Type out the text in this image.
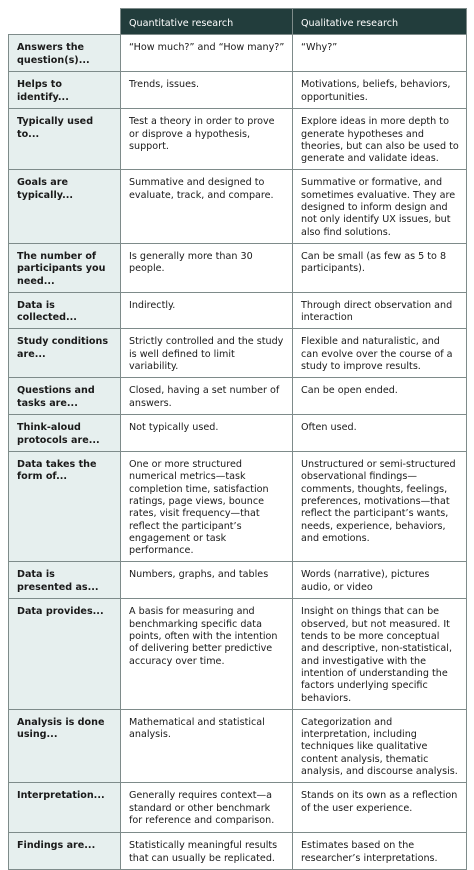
	Quantitative research	Qualitative research
Answers the question(s)...	“How much?” and “How many?”	“Why?”
Helps to identify...	Trends, issues.	Motivations, beliefs, behaviors, opportunities.
Typically used to...	Test a theory in order to prove or disprove a hypothesis, support.	Explore ideas in more depth to generate hypotheses and theories, but can also be used to generate and validate ideas.
Goals are typically...	Summative and designed to evaluate, track, and compare.	Summative or formative, and sometimes evaluative. They are designed to inform design and not only identify UX issues, but also find solutions.
The number of participants you need...	Is generally more than 30 people.	Can be small (as few as 5 to 8 participants).
Data is collected...	Indirectly.	Through direct observation and interaction
Study conditions are...	Strictly controlled and the study is well defined to limit variability.	Flexible and naturalistic, and can evolve over the course of a study to improve results.
Questions and tasks are...	Closed, having a set number of answers.	Can be open ended.
Think-aloud protocols are...	Not typically used.	Often used.
Data takes the form of...	One or more structured numerical metrics—task completion time, satisfaction ratings, page views, bounce rates, visit frequency—that reflect the participant’s engagement or task performance.	Unstructured or semi-structured observational findings—comments, thoughts, feelings, preferences, motivations—that reflect the participant’s wants, needs, experience, behaviors, and emotions.
Data is presented as...	Numbers, graphs, and tables	Words (narrative), pictures audio, or video
Data provides...	A basis for measuring and benchmarking specific data points, often with the intention of delivering better predictive accuracy over time.	Insight on things that can be observed, but not measured. It tends to be more conceptual and descriptive, non-statistical, and investigative with the intention of understanding the factors underlying specific behaviors.
Analysis is done using...	Mathematical and statistical analysis.	Categorization and interpretation, including techniques like qualitative content analysis, thematic analysis, and discourse analysis.
Interpretation...	Generally requires context—a standard or other benchmark for reference and comparison.	Stands on its own as a reflection of the user experience.
Findings are...	Statistically meaningful results that can usually be replicated.	Estimates based on the researcher’s interpretations.
